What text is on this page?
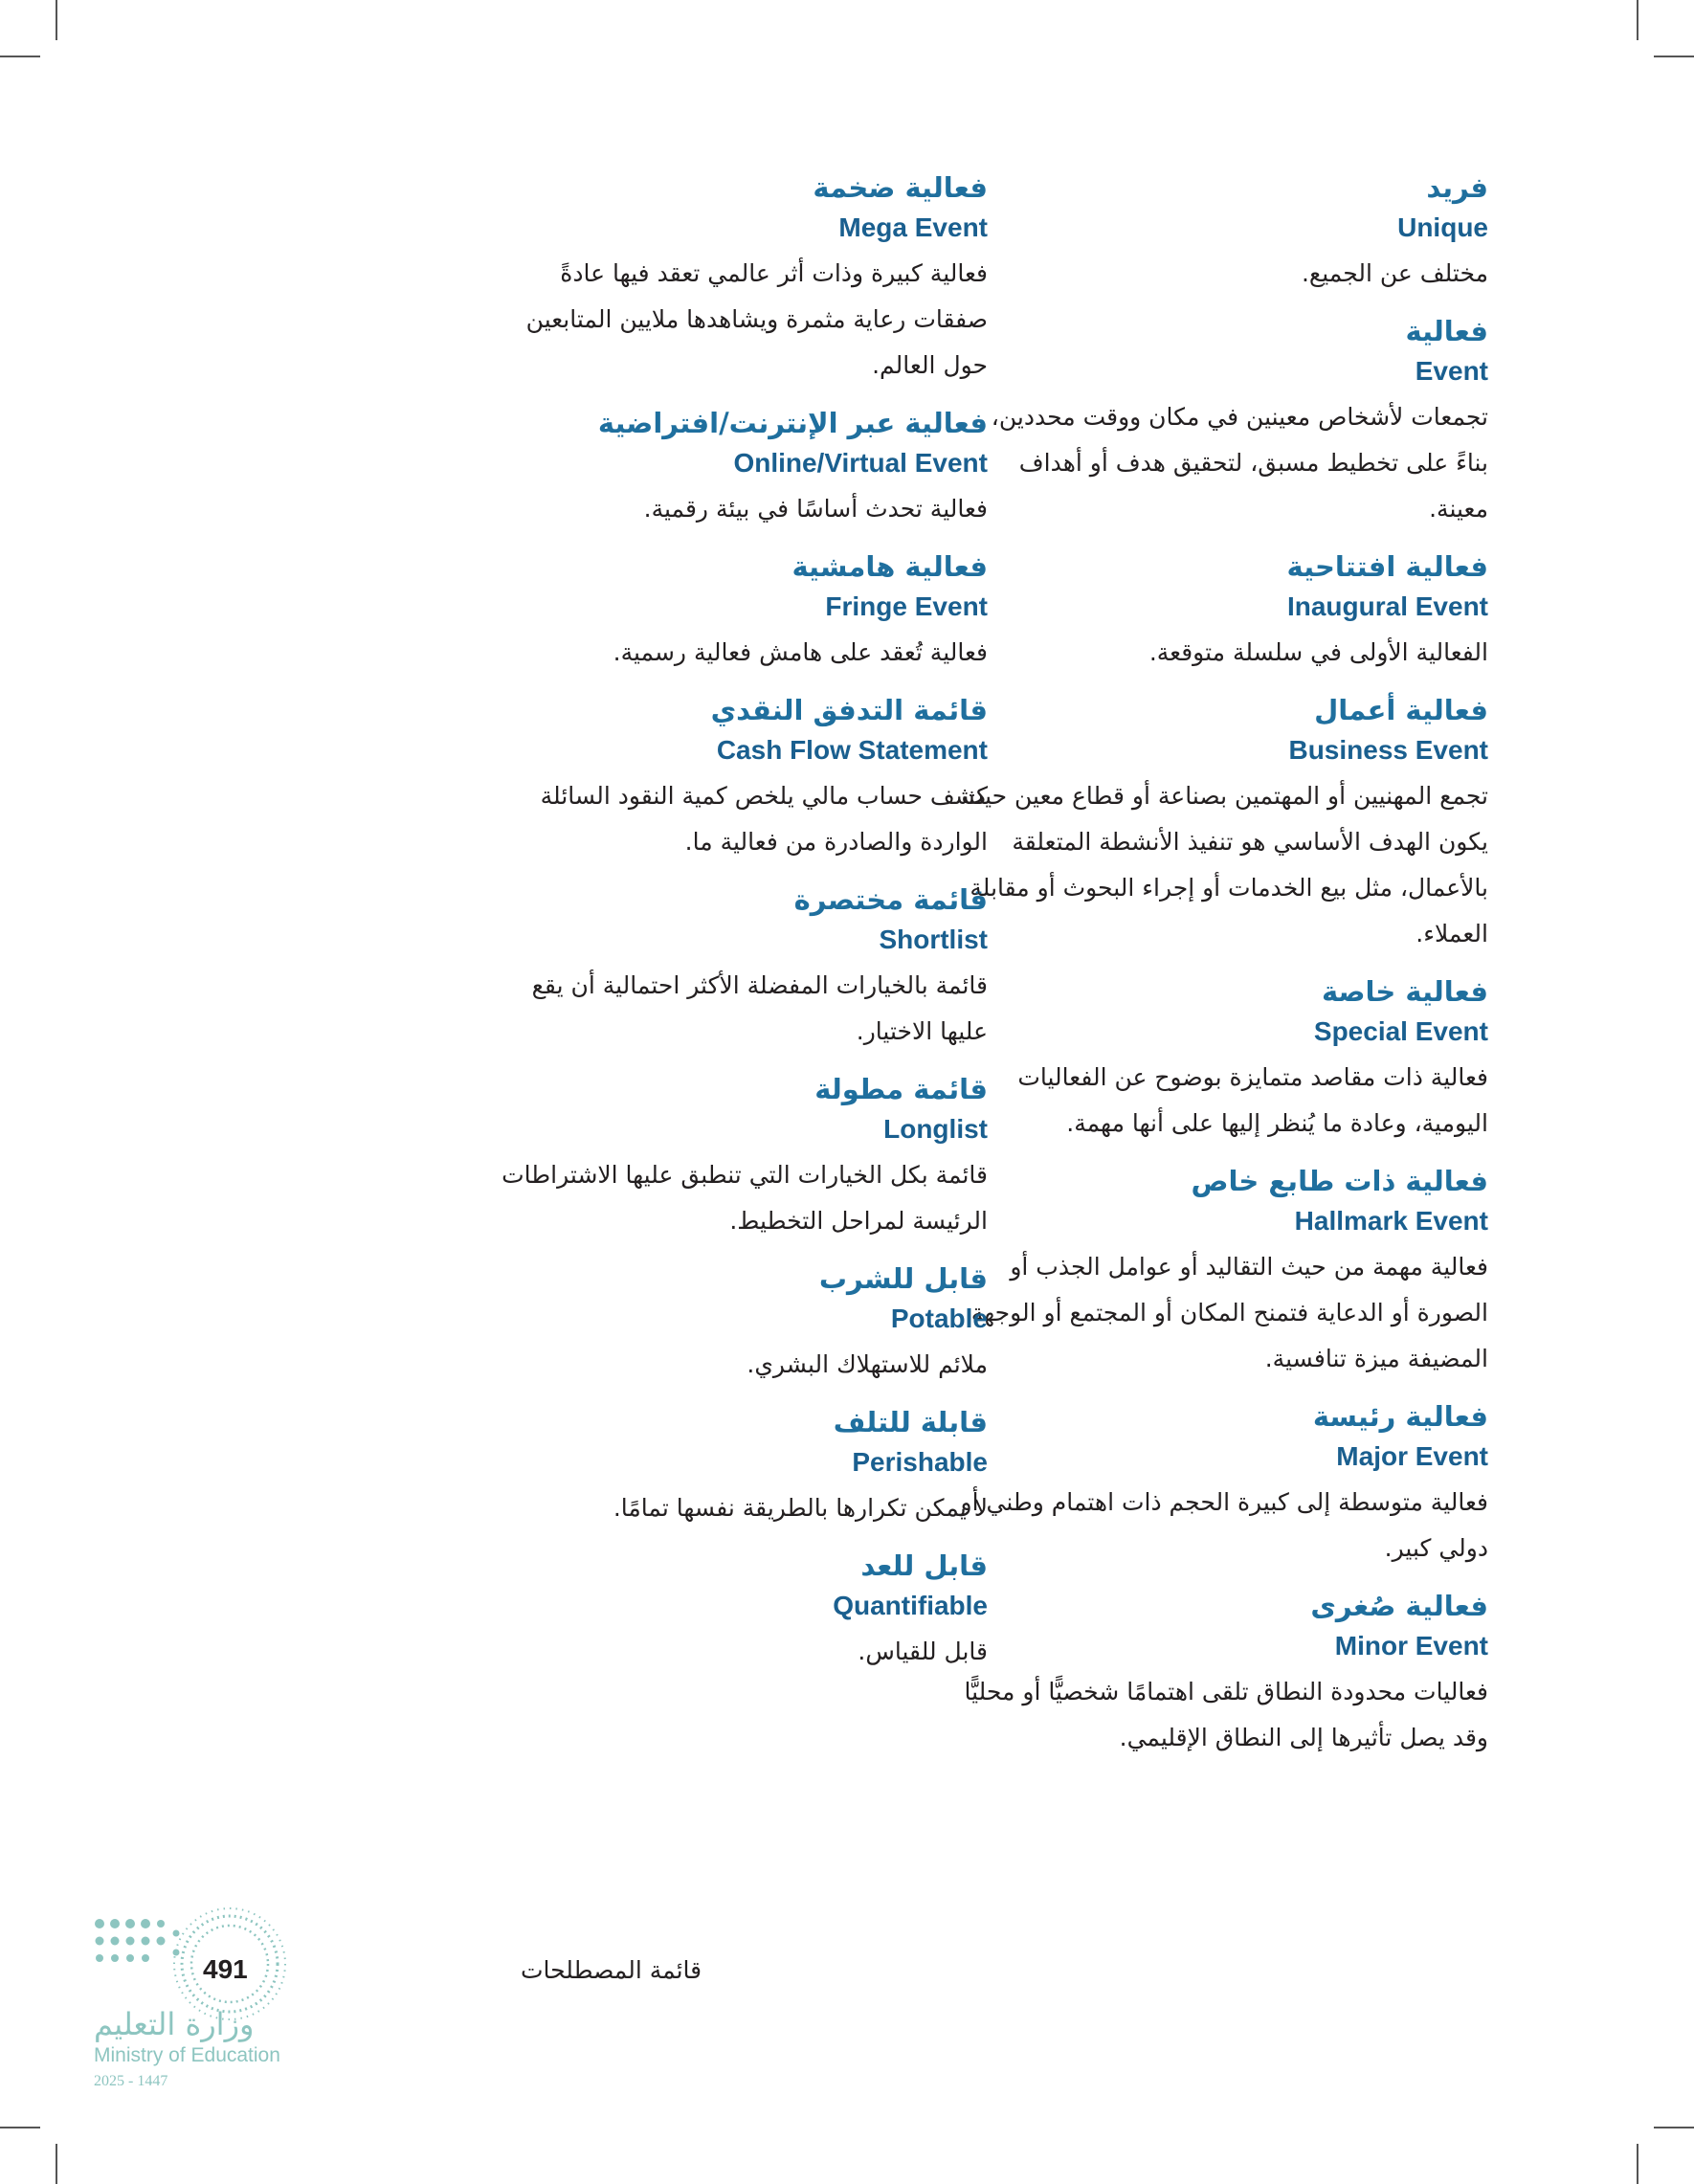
فريد
Unique
مختلف عن الجميع.
فعالية
Event
تجمعات لأشخاص معينين في مكان ووقت محددين، بناءً على تخطيط مسبق، لتحقيق هدف أو أهداف معينة.
فعالية افتتاحية
Inaugural Event
الفعالية الأولى في سلسلة متوقعة.
فعالية أعمال
Business Event
تجمع المهنيين أو المهتمين بصناعة أو قطاع معين حيث يكون الهدف الأساسي هو تنفيذ الأنشطة المتعلقة بالأعمال، مثل بيع الخدمات أو إجراء البحوث أو مقابلة العملاء.
فعالية خاصة
Special Event
فعالية ذات مقاصد متمايزة بوضوح عن الفعاليات اليومية، وعادة ما يُنظر إليها على أنها مهمة.
فعالية ذات طابع خاص
Hallmark Event
فعالية مهمة من حيث التقاليد أو عوامل الجذب أو الصورة أو الدعاية فتمنح المكان أو المجتمع أو الوجهة المضيفة ميزة تنافسية.
فعالية رئيسة
Major Event
فعالية متوسطة إلى كبيرة الحجم ذات اهتمام وطني أو دولي كبير.
فعالية صُغرى
Minor Event
فعاليات محدودة النطاق تلقى اهتمامًا شخصيًّا أو محليًّا وقد يصل تأثيرها إلى النطاق الإقليمي.
فعالية ضخمة
Mega Event
فعالية كبيرة وذات أثر عالمي تعقد فيها عادةً صفقات رعاية مثمرة ويشاهدها ملايين المتابعين حول العالم.
فعالية عبر الإنترنت/افتراضية
Online/Virtual Event
فعالية تحدث أساسًا في بيئة رقمية.
فعالية هامشية
Fringe Event
فعالية تُعقد على هامش فعالية رسمية.
قائمة التدفق النقدي
Cash Flow Statement
كشف حساب مالي يلخص كمية النقود السائلة الواردة والصادرة من فعالية ما.
قائمة مختصرة
Shortlist
قائمة بالخيارات المفضلة الأكثر احتمالية أن يقع عليها الاختيار.
قائمة مطولة
Longlist
قائمة بكل الخيارات التي تنطبق عليها الاشتراطات الرئيسة لمراحل التخطيط.
قابل للشرب
Potable
ملائم للاستهلاك البشري.
قابلة للتلف
Perishable
لا يمكن تكرارها بالطريقة نفسها تمامًا.
قابل للعد
Quantifiable
قابل للقياس.
قائمة المصطلحات
491
وزارة التعليم
Ministry of Education
2025 - 1447
